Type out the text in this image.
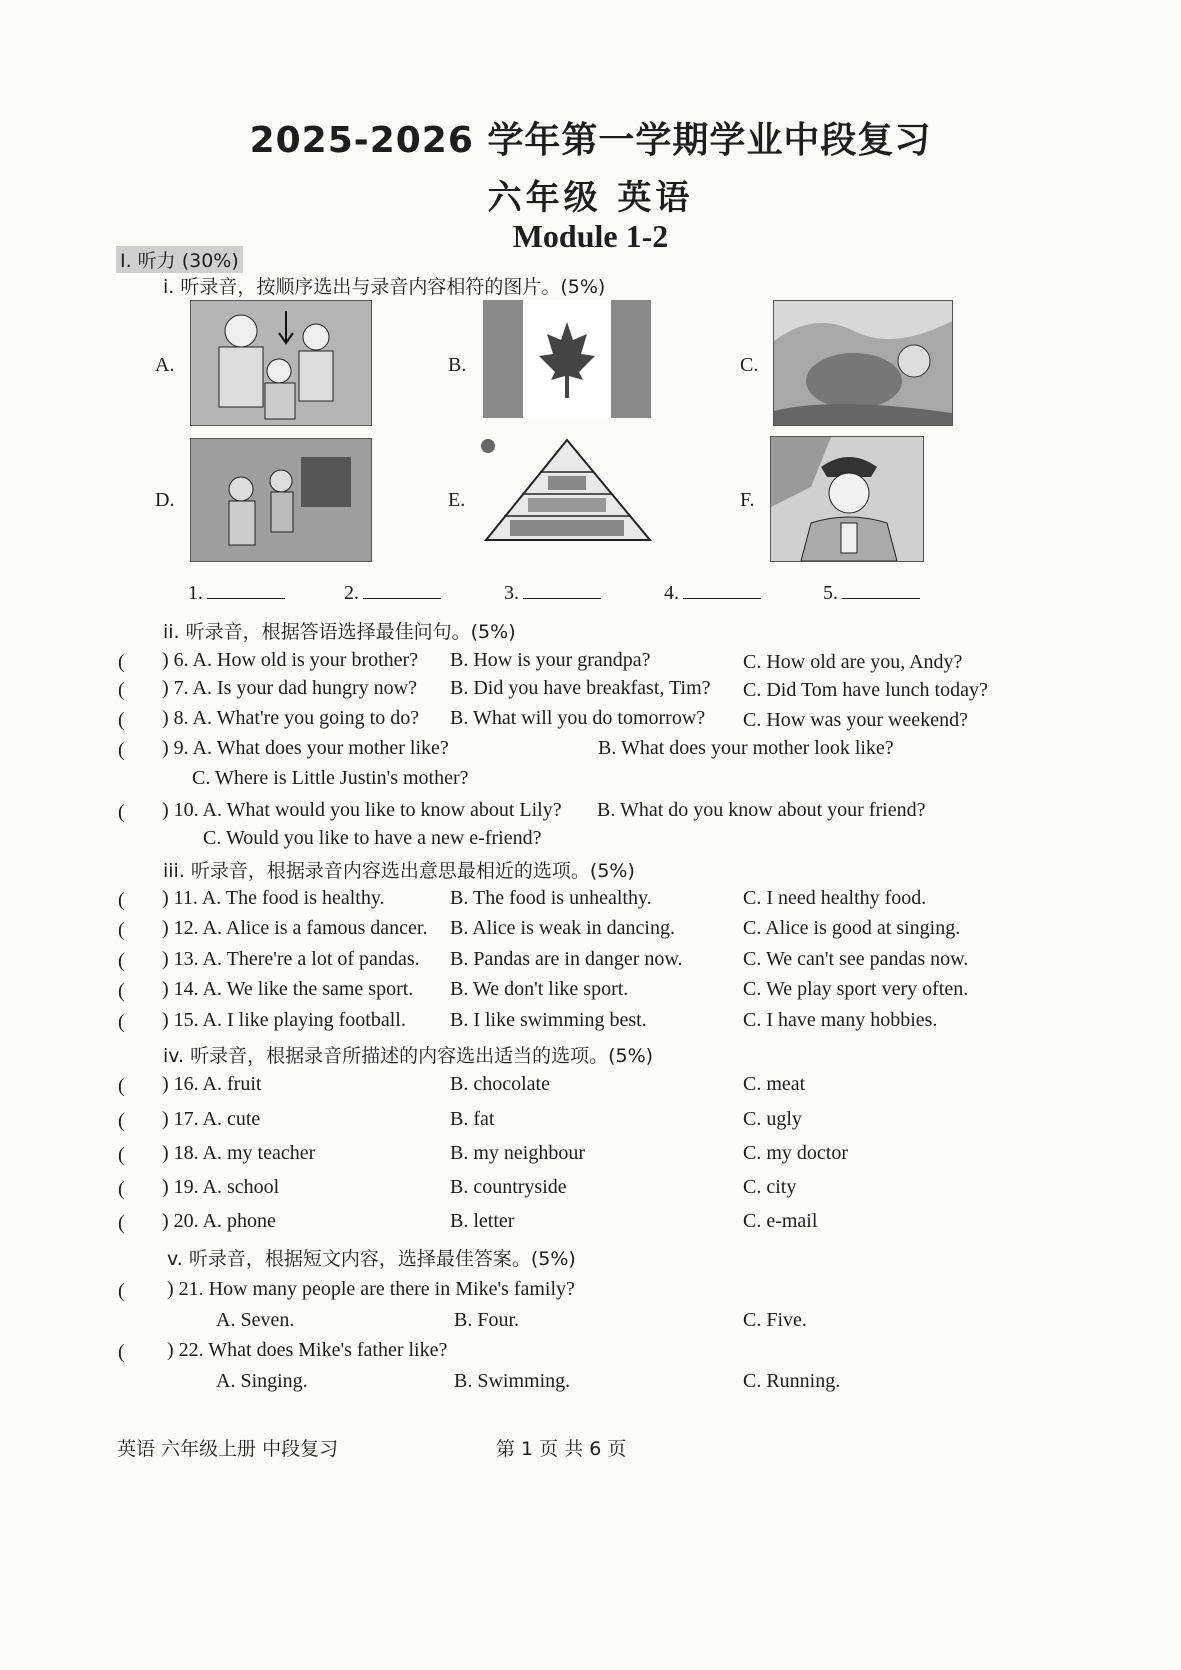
2025-2026 学年第一学期学业中段复习
六年级 英语
Module 1-2
I. 听力 (30%)
i. 听录音，按顺序选出与录音内容相符的图片。(5%)
A.	B.	C.
D.	E.	F.
1.	2.	3.	4.	5.
ii. 听录音，根据答语选择最佳问句。(5%)
( ) 6. A. How old is your brother? B. How is your grandpa?	C. How old are you, Andy?
( ) 7. A. Is your dad hungry now? B. Did you have breakfast, Tim? C. Did Tom have lunch today?
( ) 8. A. What're you going to do? B. What will you do tomorrow? C. How was your weekend?
( ) 9. A. What does your mother like?	B. What does your mother look like?
C. Where is Little Justin's mother?
( ) 10. A. What would you like to know about Lily? B. What do you know about your friend?
C. Would you like to have a new e-friend?
iii. 听录音，根据录音内容选出意思最相近的选项。(5%)
( ) 11. A. The food is healthy.	B. The food is unhealthy.	C. I need healthy food.
( ) 12. A. Alice is a famous dancer. B. Alice is weak in dancing.	C. Alice is good at singing.
( ) 13. A. There're a lot of pandas. B. Pandas are in danger now.	C. We can't see pandas now.
( ) 14. A. We like the same sport. B. We don't like sport.	C. We play sport very often.
( ) 15. A. I like playing football. B. I like swimming best.	C. I have many hobbies.
iv. 听录音，根据录音所描述的内容选出适当的选项。(5%)
( ) 16. A. fruit	B. chocolate	C. meat
( ) 17. A. cute	B. fat	C. ugly
( ) 18. A. my teacher	B. my neighbour	C. my doctor
( ) 19. A. school	B. countryside	C. city
( ) 20. A. phone	B. letter	C. e-mail
v. 听录音，根据短文内容，选择最佳答案。(5%)
( ) 21. How many people are there in Mike's family?
A. Seven.	B. Four.	C. Five.
( ) 22. What does Mike's father like?
A. Singing.	B. Swimming.	C. Running.
英语 六年级上册 中段复习	第 1 页 共 6 页
